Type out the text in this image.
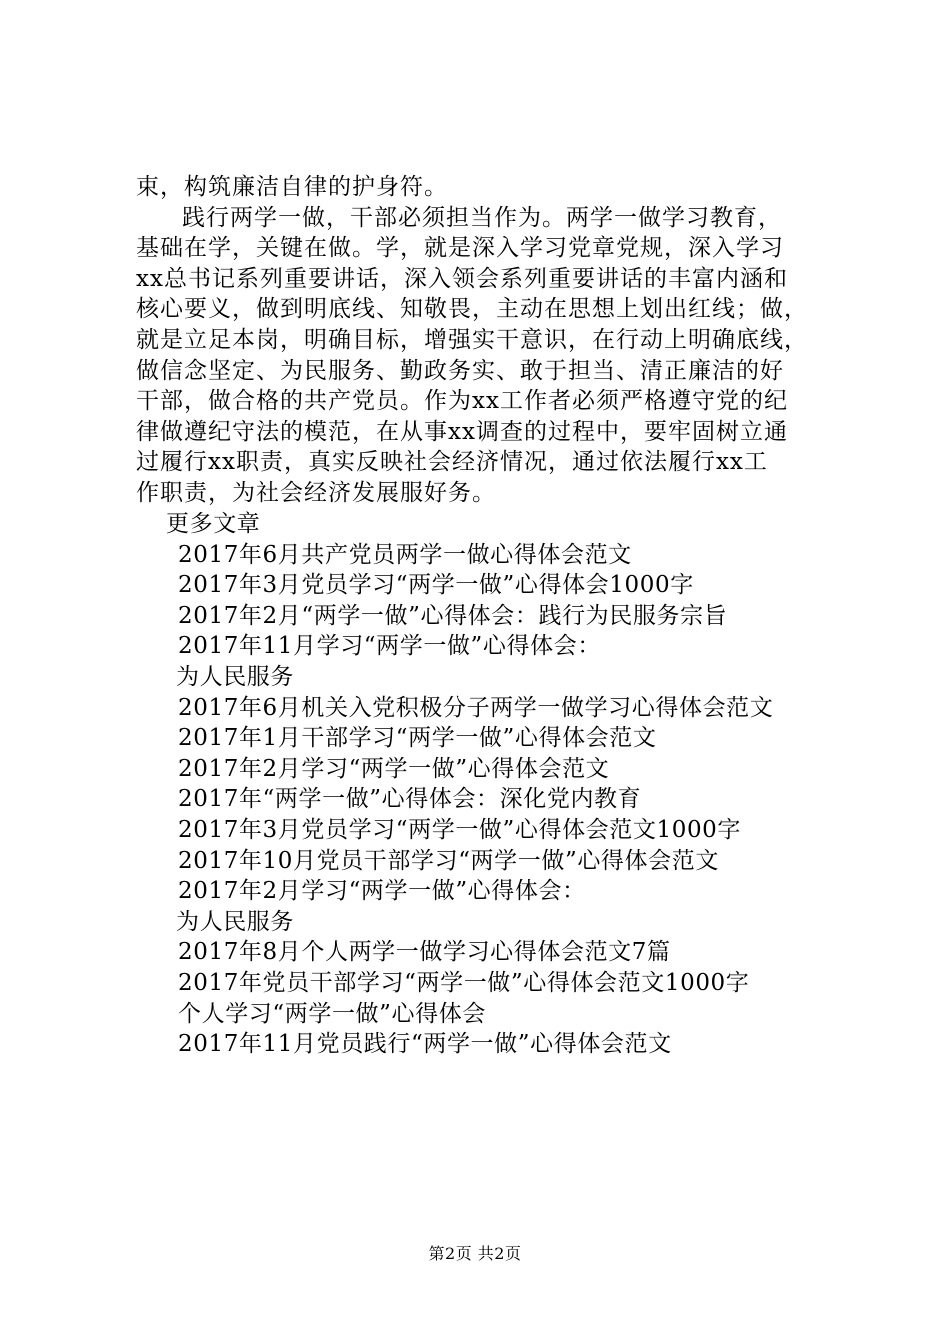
束，构筑廉洁自律的护身符。
践行两学一做，干部必须担当作为。两学一做学习教育，
基础在学，关键在做。学，就是深入学习党章党规，深入学习
xx总书记系列重要讲话，深入领会系列重要讲话的丰富内涵和
核心要义，做到明底线、知敬畏，主动在思想上划出红线；做，
就是立足本岗，明确目标，增强实干意识，在行动上明确底线，
做信念坚定、为民服务、勤政务实、敢于担当、清正廉洁的好
干部，做合格的共产党员。作为xx工作者必须严格遵守党的纪
律做遵纪守法的模范，在从事xx调查的过程中，要牢固树立通
过履行xx职责，真实反映社会经济情况，通过依法履行xx工
作职责，为社会经济发展服好务。
更多文章
2017年6月共产党员两学一做心得体会范文
2017年3月党员学习“两学一做”心得体会1000字
2017年2月“两学一做”心得体会：践行为民服务宗旨
2017年11月学习“两学一做”心得体会：
为人民服务
2017年6月机关入党积极分子两学一做学习心得体会范文
2017年1月干部学习“两学一做”心得体会范文
2017年2月学习“两学一做”心得体会范文
2017年“两学一做”心得体会：深化党内教育
2017年3月党员学习“两学一做”心得体会范文1000字
2017年10月党员干部学习“两学一做”心得体会范文
2017年2月学习“两学一做”心得体会：
为人民服务
2017年8月个人两学一做学习心得体会范文7篇
2017年党员干部学习“两学一做”心得体会范文1000字
个人学习“两学一做”心得体会
2017年11月党员践行“两学一做”心得体会范文
第2页 共2页
